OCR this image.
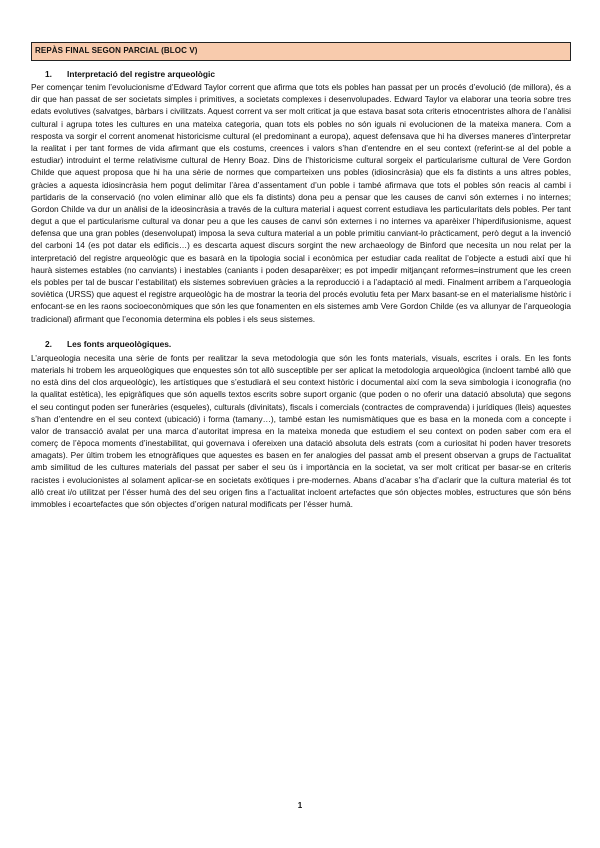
REPÀS FINAL SEGON PARCIAL (BLOC V)
1.	Interpretació del registre arqueològic

Per començar tenim l’evolucionisme d’Edward Taylor corrent que afirma que tots els pobles han passat per un procés d’evolució (de millora), és a dir que han passat de ser societats simples i primitives, a societats complexes i desenvolupades. Edward Taylor va elaborar una teoria sobre tres edats evolutives (salvatges, bàrbars i civilitzats. Aquest corrent va ser molt criticat ja que estava basat sota criteris etnocentristes alhora de l’anàlisi cultural i agrupa totes les cultures en una mateixa categoria, quan tots els pobles no són iguals ni evolucionen de la mateixa manera. Com a resposta va sorgir el corrent anomenat historicisme cultural (el predominant a europa), aquest defensava que hi ha diverses maneres d’interpretar la realitat i per tant formes de vida afirmant que els costums, creences i valors s’han d’entendre en el seu context (referint-se al del poble a estudiar) introduint el terme relativisme cultural de Henry Boaz. Dins de l’historicisme cultural sorgeix el particularisme cultural de Vere Gordon Childe que aquest proposa que hi ha una sèrie de normes que comparteixen uns pobles (idiosincràsia) que els fa distints a uns altres pobles, gràcies a aquesta idiosincràsia hem pogut delimitar l’àrea d’assentament d’un poble i també afirmava que tots el pobles són reacis al cambi i partidaris de la conservació (no volen eliminar allò que els fa distints) dona peu a pensar que les causes de canvi són externes i no internes; Gordon Childe va dur un anàlisi de la ideosincràsia a través de la cultura material i aquest corrent estudiava les particularitats dels pobles. Per tant degut a que el particularisme cultural va donar peu a que les causes de canvi són externes i no internes va aparèixer l’hiperdifusionisme, aquest defensa que una gran pobles (desenvolupat) imposa la seva cultura material a un poble primitiu canviant-lo pràcticament, però degut a la invenció del carboni 14 (es pot datar els edificis…) es descarta aquest discurs sorgint the new archaeology de Binford que necesita un nou relat per la interpretació del registre arqueològic que es basarà en la tipologia social i econòmica per estudiar cada realitat de l’objecte a estudi així que hi haurà sistemes estables (no canviants) i inestables (caniants i poden desaparèixer; es pot impedir mitjançant reformes=instrument que les creen els pobles per tal de buscar l’estabilitat) els sistemes sobreviuen gràcies a la reproducció i a l’adaptació al medi. Finalment arribem a l’arqueologia soviètica (URSS) que aquest el registre arqueològic ha de mostrar la teoria del procés evolutiu feta per Marx basant-se en el materialisme històric i enfocant-se en les raons socioeconòmiques que són les que fonamenten en els sistemes amb Vere Gordon Childe (es va allunyar de l’arqueologia tradicional) afirmant que l’economia determina els pobles i els seus sistemes.

2.	Les fonts arqueològiques.

L’arqueologia necesita una sèrie de fonts per realitzar la seva metodologia que són les fonts materials, visuals, escrites i orals. En les fonts materials hi trobem les arqueològiques que enquestes són tot allò susceptible per ser aplicat la metodologia arqueològica (incloent també allò que no està dins del clos arqueològic), les artístiques que s’estudiarà el seu context històric i documental així com la seva simbologia i iconografia (no la qualitat estètica), les epigràfiques que són aquells textos escrits sobre suport organic (que poden o no oferir una datació absoluta) que segons el seu contingut poden ser funeràries (esqueles), culturals (divinitats), fiscals i comercials (contractes de compravenda) i jurídiques (lleis) aquestes s’han d’entendre en el seu context (ubicació) i forma (tamany…), també estan les numismàtiques que es basa en la moneda com a concepte i valor de transacció avalat per una marca d’autoritat impresa en la mateixa moneda que estudiem el seu context on poden saber com era el comerç de l’època moments d’inestabilitat, qui governava i ofereixen una datació absoluta dels estrats (com a curiositat hi poden haver tresorets amagats). Per últim trobem les etnogràfiques que aquestes es basen en fer analogies del passat amb el present observan a grups de l’actualitat amb similitud de les cultures materials del passat per saber el seu ús i importància en la societat, va ser molt criticat per basar-se en criteris racistes i evolucionistes al solament aplicar-se en societats exòtiques i pre-modernes. Abans d’acabar s’ha d’aclarir que la cultura material és tot allò creat i/o utilitzat per l’ésser humà des del seu origen fins a l’actualitat incloent artefactes que són objectes mobles, estructures que són béns immobles i ecoartefactes que són objectes d’origen natural modificats per l’ésser humà.

1
